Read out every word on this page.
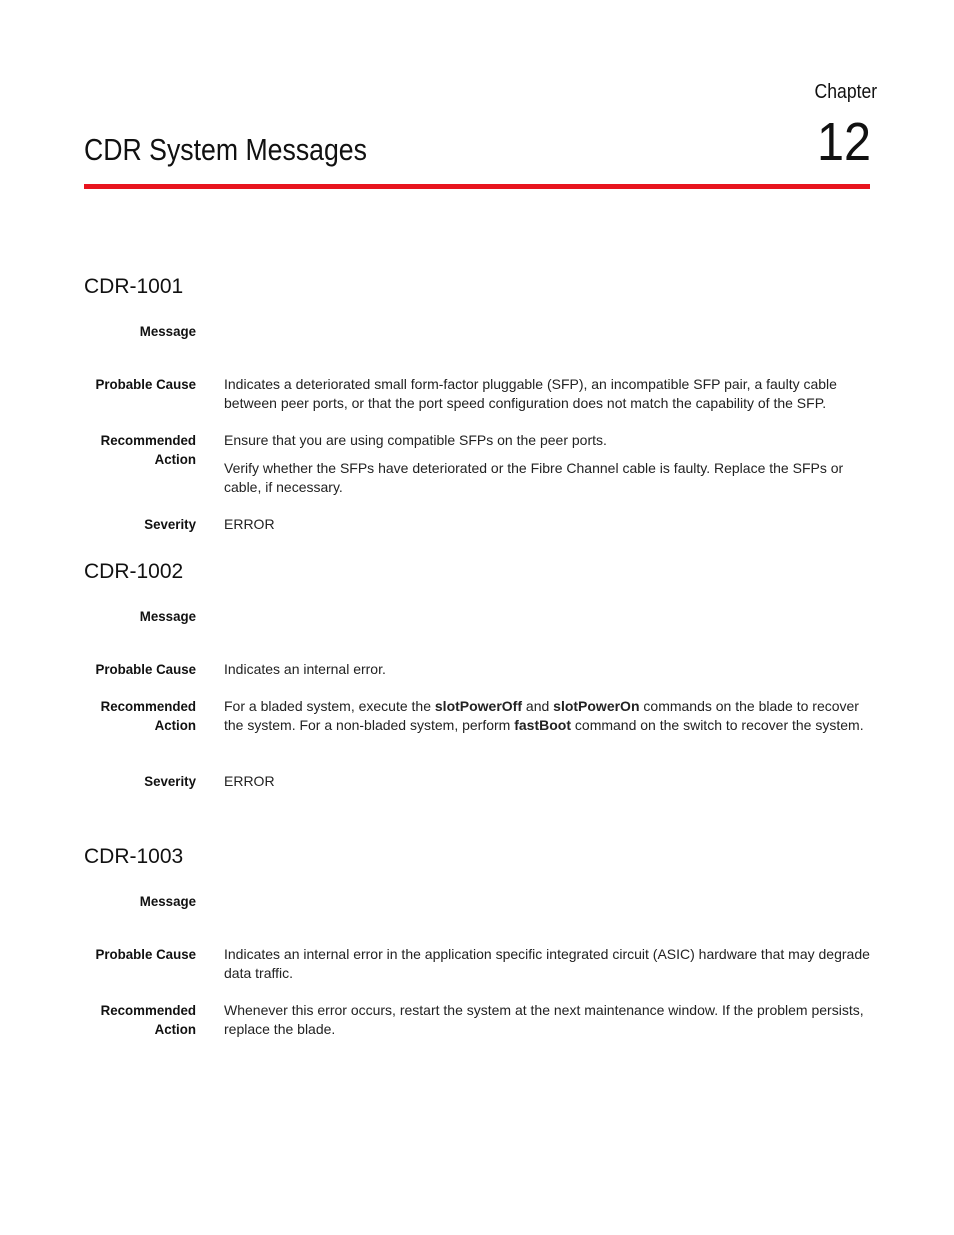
Chapter
12
CDR System Messages
CDR-1001
Message
Probable Cause Indicates a deteriorated small form-factor pluggable (SFP), an incompatible SFP pair, a faulty cable between peer ports, or that the port speed configuration does not match the capability of the SFP.

Recommended
Action

Ensure that you are using compatible SFPs on the peer ports.

Verify whether the SFPs have deteriorated or the Fibre Channel cable is faulty. Replace the SFPs or cable, if necessary.

Severity ERROR

CDR-1002
Message
Probable Cause Indicates an internal error.

Recommended
Action

For a bladed system, execute the slotPowerOff and slotPowerOn commands on the blade to recover the system. For a non-bladed system, perform fastBoot command on the switch to recover the system.

Severity ERROR

CDR-1003
Message
Probable Cause Indicates an internal error in the application specific integrated circuit (ASIC) hardware that may degrade data traffic.

Recommended
Action

Whenever this error occurs, restart the system at the next maintenance window. If the problem persists, replace the blade.
